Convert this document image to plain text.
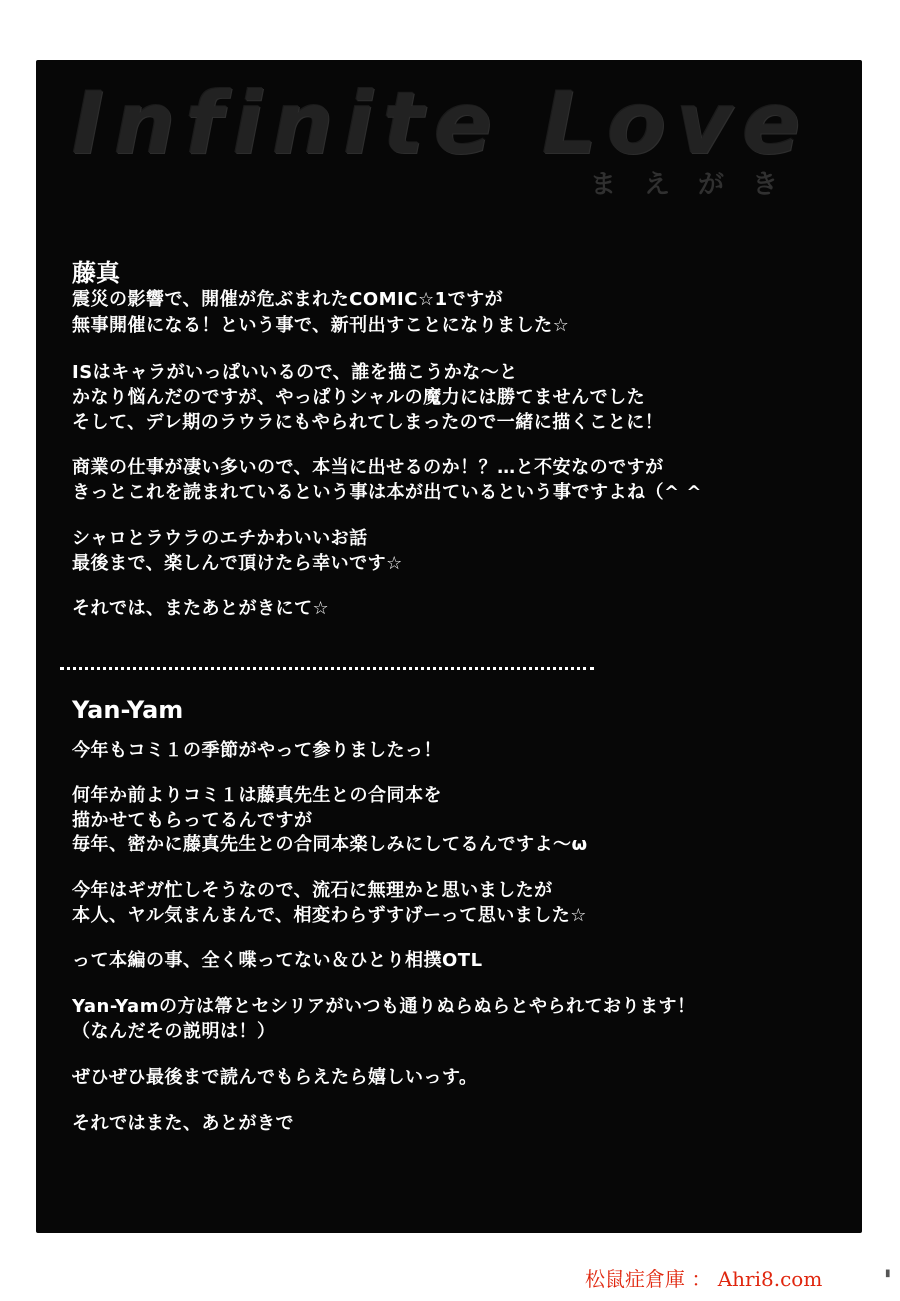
Infinite Love
まえがき
藤真
震災の影響で、開催が危ぶまれたCOMIC☆1ですが
無事開催になる！という事で、新刊出すことになりました☆
ISはキャラがいっぱいいるので、誰を描こうかな〜と
かなり悩んだのですが、やっぱりシャルの魔力には勝てませんでした
そして、デレ期のラウラにもやられてしまったので一緒に描くことに！
商業の仕事が凄い多いので、本当に出せるのか！？…と不安なのですが
きっとこれを読まれているという事は本が出ているという事ですよね（^ ^
シャロとラウラのエチかわいいお話
最後まで、楽しんで頂けたら幸いです☆
それでは、またあとがきにて☆
Yan-Yam
今年もコミ１の季節がやって参りましたっ！
何年か前よりコミ１は藤真先生との合同本を
描かせてもらってるんですが
毎年、密かに藤真先生との合同本楽しみにしてるんですよ〜ω
今年はギガ忙しそうなので、流石に無理かと思いましたが
本人、ヤル気まんまんで、相変わらずすげーって思いました☆
って本編の事、全く喋ってない＆ひとり相撲OTL
Yan-Yamの方は箒とセシリアがいつも通りぬらぬらとやられております！
（なんだその説明は！）
ぜひぜひ最後まで読んでもらえたら嬉しいっす。
それではまた、あとがきで
松鼠症倉庫 ： Ahri8.com	▮
